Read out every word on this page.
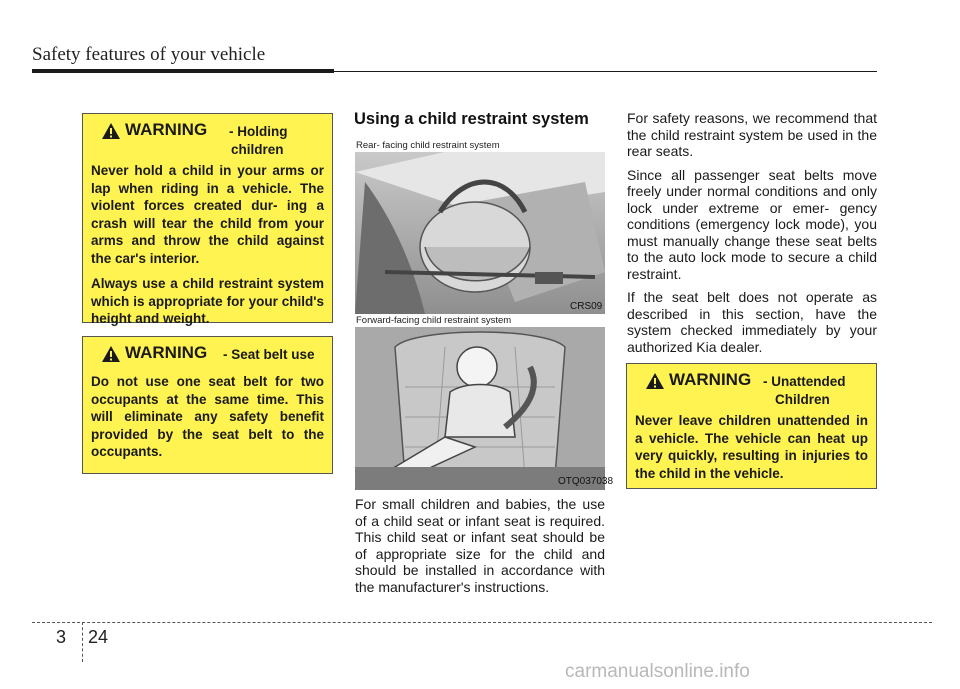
Safety features of your vehicle
WARNING - Holding
children

Never hold a child in your arms or lap when riding in a vehicle. The violent forces created dur- ing a crash will tear the child from your arms and throw the child against the car's interior.

Always use a child restraint system which is appropriate for your child's height and weight.

WARNING - Seat belt use

Do not use one seat belt for two occupants at the same time. This will eliminate any safety benefit provided by the seat belt to the occupants.

Using a child restraint system
Rear- facing child restraint system
CRS09
Forward-facing child restraint system
OTQ037038

For small children and babies, the use of a child seat or infant seat is required. This child seat or infant seat should be of appropriate size for the child and should be installed in accordance with the manufacturer's instructions.

For safety reasons, we recommend that the child restraint system be used in the rear seats.

Since all passenger seat belts move freely under normal conditions and only lock under extreme or emer- gency conditions (emergency lock mode), you must manually change these seat belts to the auto lock mode to secure a child restraint.

If the seat belt does not operate as described in this section, have the system checked immediately by your authorized Kia dealer.

WARNING - Unattended
Children

Never leave children unattended in a vehicle. The vehicle can heat up very quickly, resulting in injuries to the child in the vehicle.

3 24
carmanualsonline.info
